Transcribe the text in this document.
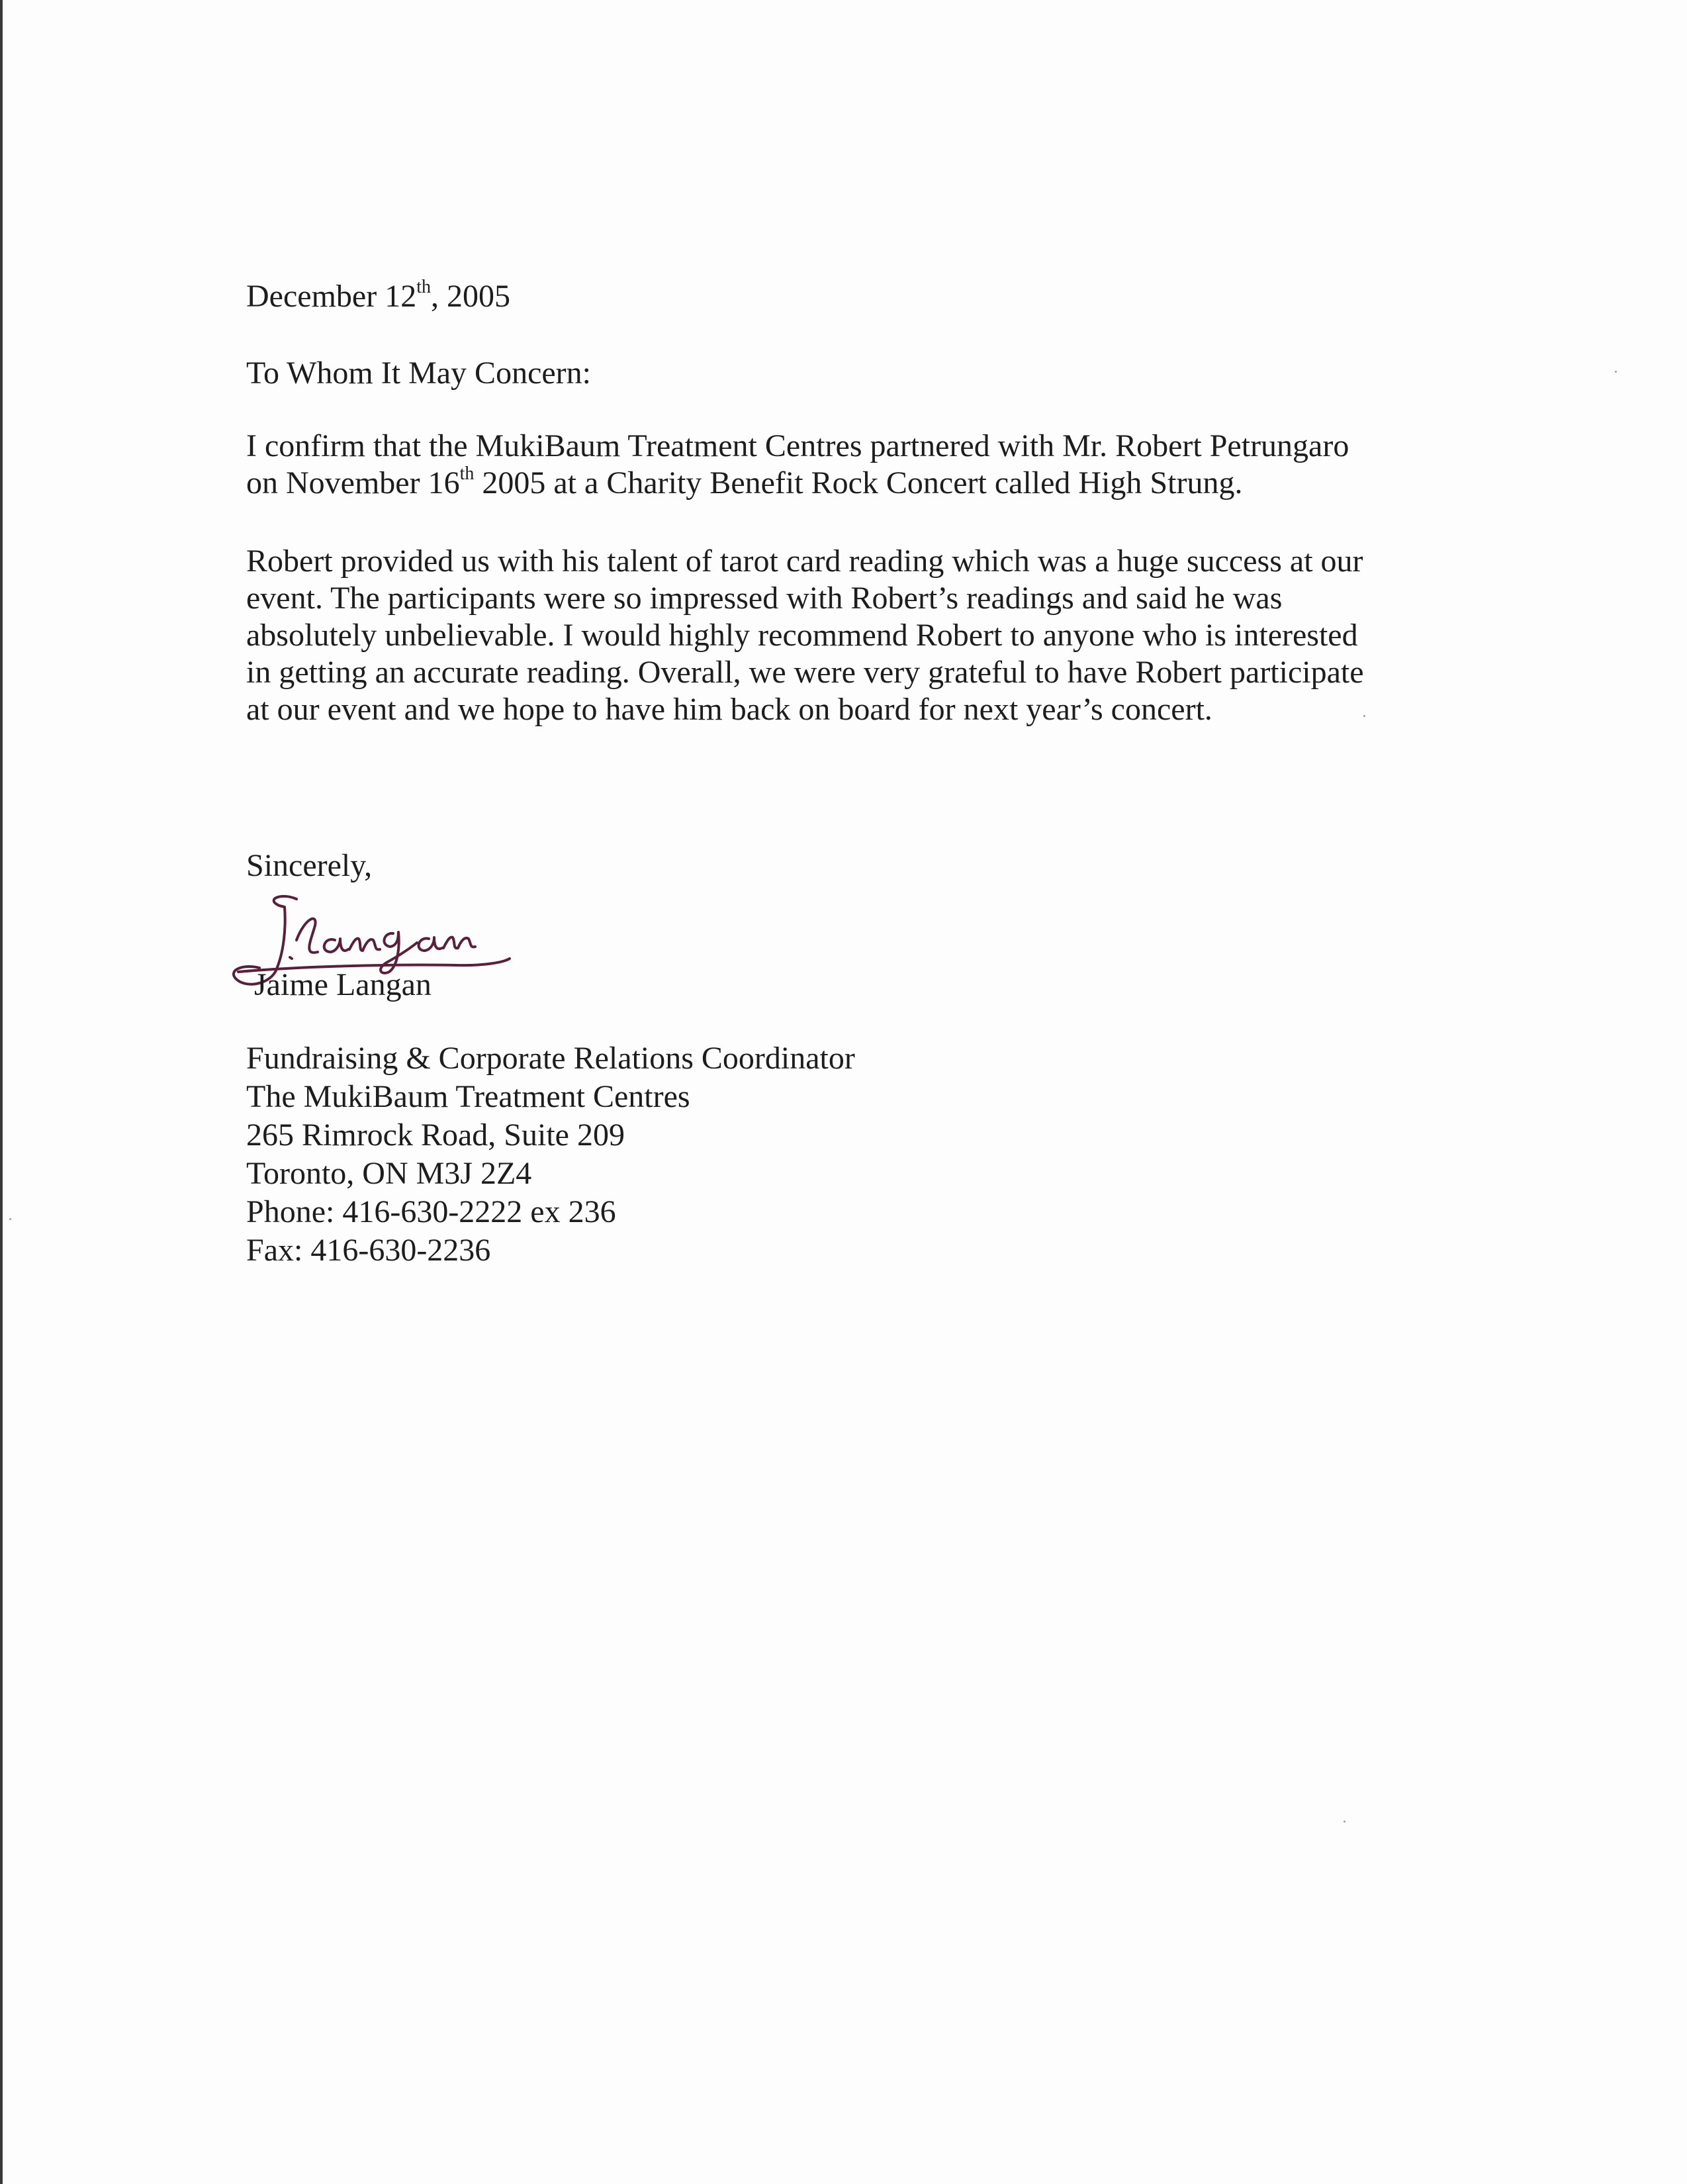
December 12th, 2005
To Whom It May Concern:
I confirm that the MukiBaum Treatment Centres partnered with Mr. Robert Petrungaro
on November 16th 2005 at a Charity Benefit Rock Concert called High Strung.
Robert provided us with his talent of tarot card reading which was a huge success at our
event. The participants were so impressed with Robert’s readings and said he was
absolutely unbelievable. I would highly recommend Robert to anyone who is interested
in getting an accurate reading. Overall, we were very grateful to have Robert participate
at our event and we hope to have him back on board for next year’s concert.
Sincerely,
Jaime Langan
Fundraising & Corporate Relations Coordinator
The MukiBaum Treatment Centres
265 Rimrock Road, Suite 209
Toronto, ON M3J 2Z4
Phone: 416-630-2222 ex 236
Fax: 416-630-2236
